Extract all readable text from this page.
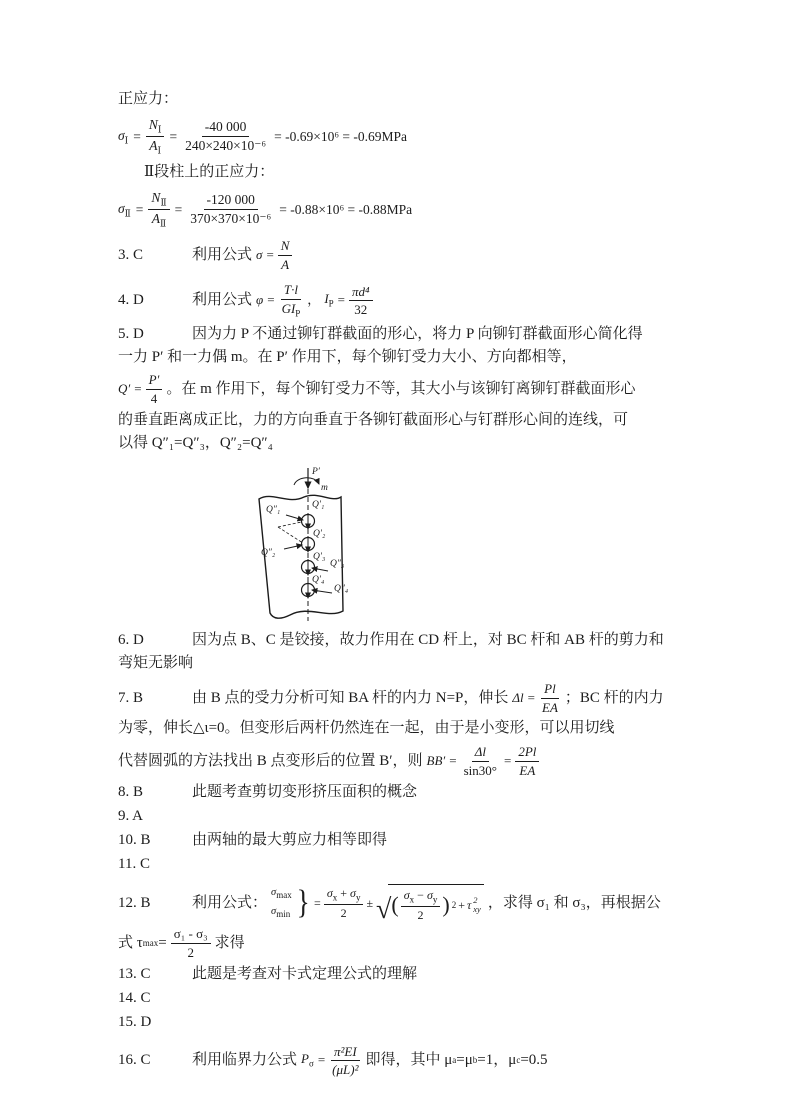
正应力：
$\sigma_Ⅰ = \frac{N_Ⅰ}{A_Ⅰ} = \frac{-40 000}{\text{240×240×10⁻⁶}} = -0.69\times 10^6 = -0.69MPa$
Ⅱ段柱上的正应力：
$\sigma_Ⅱ = \frac{N_Ⅱ}{A_Ⅱ} = \frac{-120 000}{\text{370×370×10⁻⁶}} = -0.88\times 10^6 = -0.88MPa$
3. C	利用公式 $\sigma = \frac{N}{A}$
4. D	利用公式 $\varphi = \frac{T\cdot l}{GI_P}$ ， $I_P = \frac{\text{πd⁴}}{32}$
5. D	因为力 P 不通过铆钉群截面的形心，将力 P 向铆钉群截面形心简化得
一力 P′ 和一力偶 m。在 P′ 作用下，每个铆钉受力大小、方向都相等，
$Q' = \frac{P'}{4}$ 。在 m 作用下，每个铆钉受力不等，其大小与该铆钉离铆钉群截面形心
的垂直距离成正比，力的方向垂直于各铆钉截面形心与钉群形心间的连线，可
以得 Q″₁=Q″₃，Q″₂=Q″₄
P′
m
Q″₁	Q′₁
Q″₂
Q′₂
Q″₃
Q′₃
Q″₄
Q′₄
6. D	因为点 B、C 是铰接，故力作用在 CD 杆上，对 BC 杆和 AB 杆的剪力和
弯矩无影响
7. B	由 B 点的受力分析可知 BA 杆的内力 N=P，伸长 $\Delta l = \frac{Pl}{EA}$ ；BC 杆的内力
为零，伸长△ι=0。但变形后两杆仍然连在一起，由于是小变形，可以用切线
代替圆弧的方法找出 B 点变形后的位置 B′，则 $BB' = \frac{\Delta l}{\sin 30^\circ} = \frac{2Pl}{EA}$
8. B	此题考查剪切变形挤压面积的概念
9. A
10. B	由两轴的最大剪应力相等即得
11. C
12. B	利用公式：
$\sigma_{max}$
$\sigma_{min}$ } = $\frac{\sigma_x + \sigma_y}{2}$ ± √ ( $\frac{\sigma_x - \sigma_y}{2}$ ) 2 + τ 2
xy ，求得 σ₁ 和 σ₃，再根据公
式 τ $\max = \frac{\text{σ₁ - σ₃}}{2}$ 求得
13. C	此题是考查对卡式定理公式的理解
14. C
15. D
16. C	利用临界力公式 $P_\sigma = \frac{\text{π²EI}}{\text{(μL)²}}$ 即得，其中 μ a =μ b =1，μ c =0.5
